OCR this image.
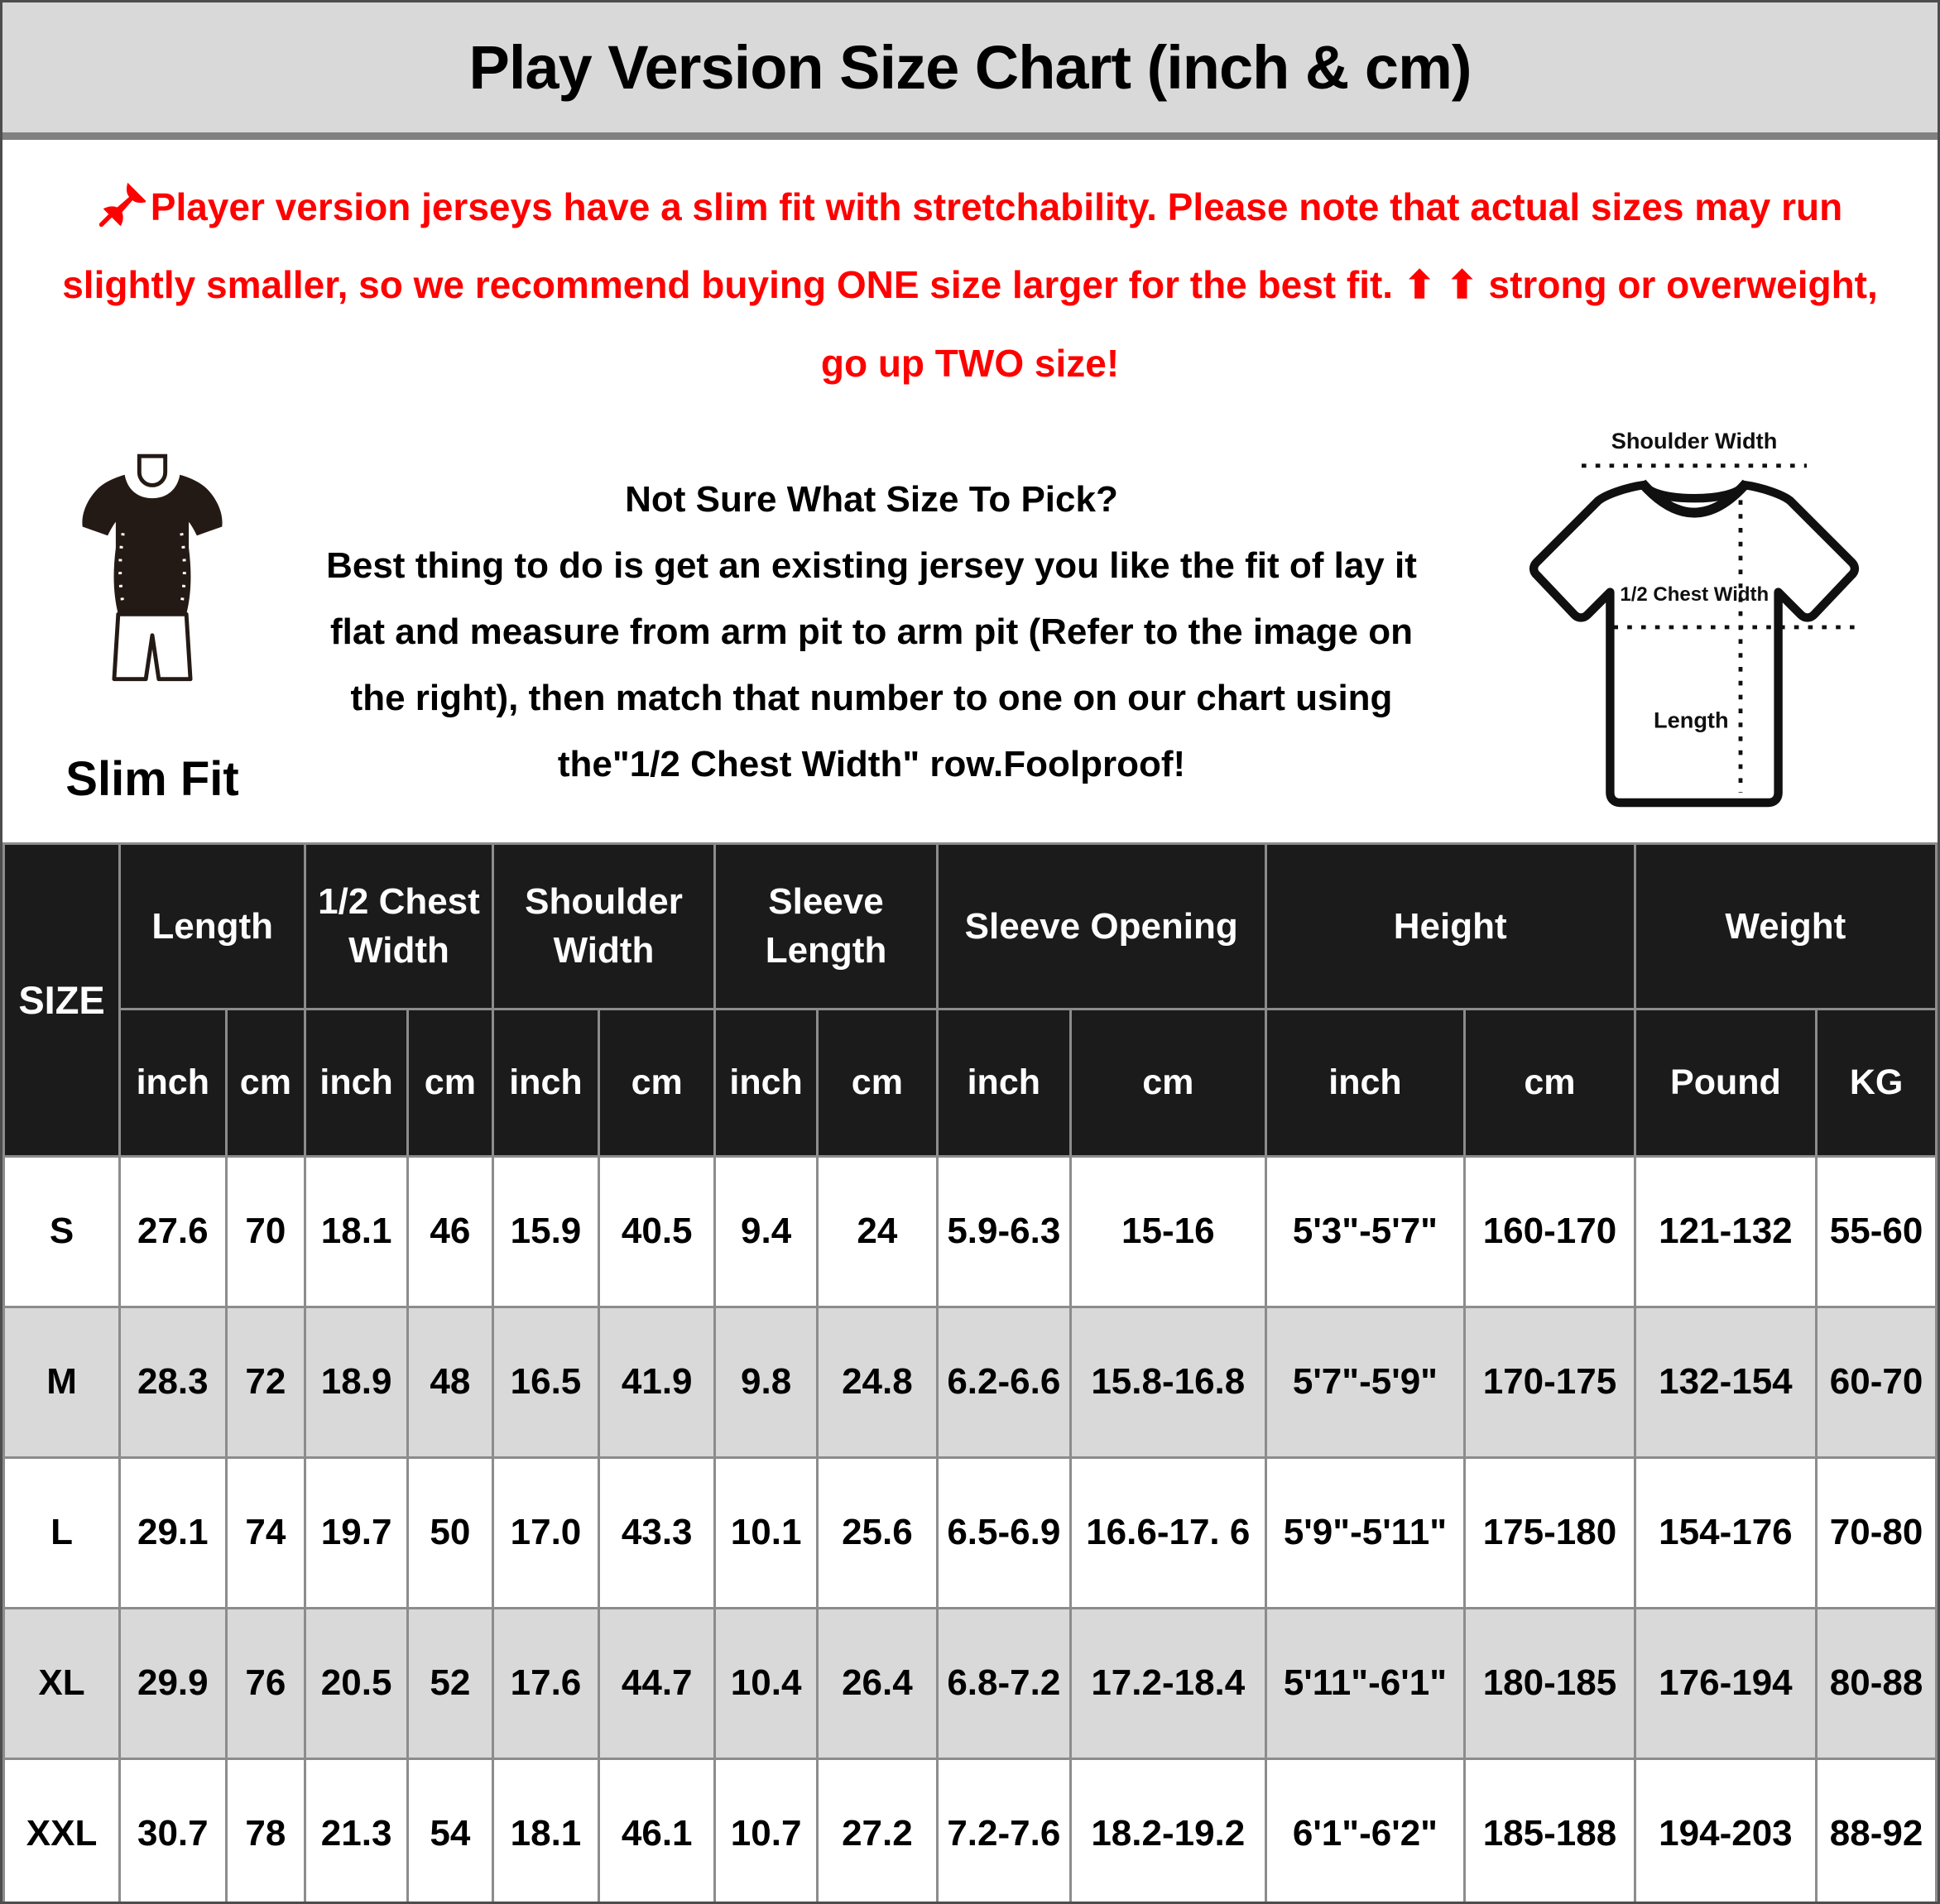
Play Version Size Chart (inch & cm)
Player version jerseys have a slim fit with stretchability. Please note that actual sizes may run
slightly smaller, so we recommend buying ONE size larger for the best fit. ⬆ ⬆ strong or overweight,
go up TWO size!
Slim Fit
Not Sure What Size To Pick?
Best thing to do is get an existing jersey you like the fit of lay it
flat and measure from arm pit to arm pit (Refer to the image on
the right), then match that number to one on our chart using
the"1/2 Chest Width" row.Foolproof!
Shoulder Width
1/2 Chest Width
Length
SIZE	Length		1/2 Chest Width		Shoulder Width		Sleeve Length		Sleeve Opening		Height		Weight	
	inch	cm	inch	cm	inch	cm	inch	cm	inch	cm	inch	cm	Pound	KG
S	27.6	70	18.1	46	15.9	40.5	9.4	24	5.9-6.3	15-16	5'3"-5'7"	160-170	121-132	55-60
M	28.3	72	18.9	48	16.5	41.9	9.8	24.8	6.2-6.6	15.8-16.8	5'7"-5'9"	170-175	132-154	60-70
L	29.1	74	19.7	50	17.0	43.3	10.1	25.6	6.5-6.9	16.6-17. 6	5'9"-5'11"	175-180	154-176	70-80
XL	29.9	76	20.5	52	17.6	44.7	10.4	26.4	6.8-7.2	17.2-18.4	5'11"-6'1"	180-185	176-194	80-88
XXL	30.7	78	21.3	54	18.1	46.1	10.7	27.2	7.2-7.6	18.2-19.2	6'1"-6'2"	185-188	194-203	88-92
